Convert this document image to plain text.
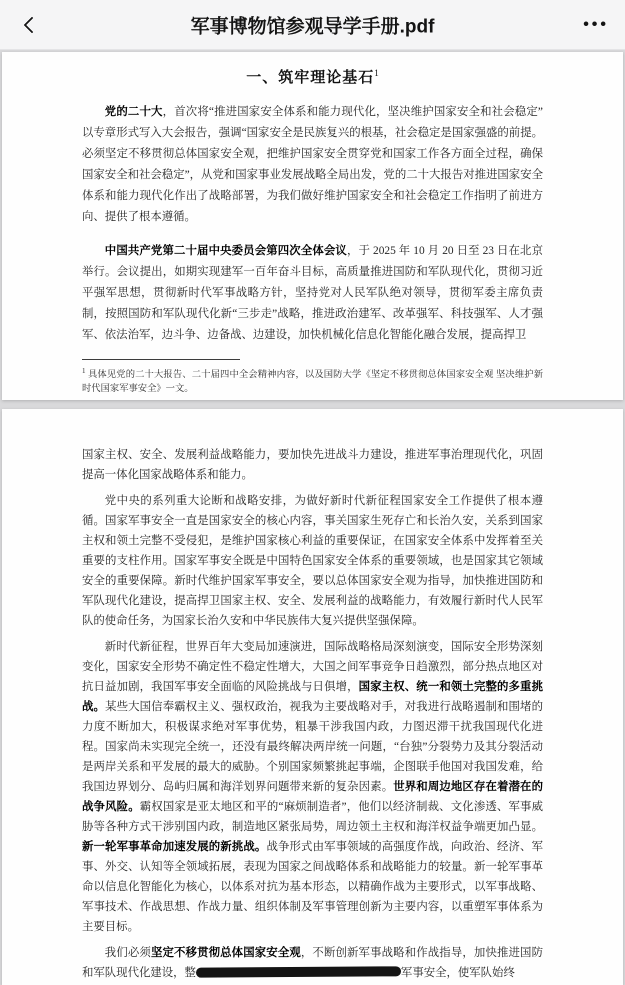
军事博物馆参观导学手册.pdf	•••
一、筑牢理论基石$^1$

党的二十大，首次将“推进国家安全体系和能力现代化，坚决维护国家安全和社会稳定”以专章形式写入大会报告，强调“国家安全是民族复兴的根基，社会稳定是国家强盛的前提。必须坚定不移贯彻总体国家安全观，把维护国家安全贯穿党和国家工作各方面全过程，确保国家安全和社会稳定”，从党和国家事业发展战略全局出发，党的二十大报告对推进国家安全体系和能力现代化作出了战略部署，为我们做好维护国家安全和社会稳定工作指明了前进方向、提供了根本遵循。

中国共产党第二十届中央委员会第四次全体会议，于 2025 年 10 月 20 日至 23 日在北京举行。会议提出，如期实现建军一百年奋斗目标，高质量推进国防和军队现代化，贯彻习近平强军思想，贯彻新时代军事战略方针，坚持党对人民军队绝对领导，贯彻军委主席负责制，按照国防和军队现代化新“三步走”战略，推进政治建军、改革强军、科技强军、人才强军、依法治军，边斗争、边备战、边建设，加快机械化信息化智能化融合发展，提高捍卫

$^1$ 具体见党的二十大报告、二十届四中全会精神内容，以及国防大学《坚定不移贯彻总体国家安全观 坚决维护新时代国家军事安全》一文。

国家主权、安全、发展利益战略能力，要加快先进战斗力建设，推进军事治理现代化，巩固提高一体化国家战略体系和能力。

党中央的系列重大论断和战略安排，为做好新时代新征程国家安全工作提供了根本遵循。国家军事安全一直是国家安全的核心内容，事关国家生死存亡和长治久安，关系到国家主权和领土完整不受侵犯，是维护国家核心利益的重要保证，在国家安全体系中发挥着至关重要的支柱作用。国家军事安全既是中国特色国家安全体系的重要领域，也是国家其它领域安全的重要保障。新时代维护国家军事安全，要以总体国家安全观为指导，加快推进国防和军队现代化建设，提高捍卫国家主权、安全、发展利益的战略能力，有效履行新时代人民军队的使命任务，为国家长治久安和中华民族伟大复兴提供坚强保障。

新时代新征程，世界百年大变局加速演进，国际战略格局深刻演变，国际安全形势深刻变化，国家安全形势不确定性不稳定性增大，大国之间军事竞争日趋激烈，部分热点地区对抗日益加剧，我国军事安全面临的风险挑战与日俱增，国家主权、统一和领土完整的多重挑战。某些大国信奉霸权主义、强权政治，视我为主要战略对手，对我进行战略遏制和围堵的力度不断加大，积极谋求绝对军事优势，粗暴干涉我国内政，力图迟滞干扰我国现代化进程。国家尚未实现完全统一，还没有最终解决两岸统一问题，“台独”分裂势力及其分裂活动是两岸关系和平发展的最大的威胁。个别国家频繁挑起事端，企图联手他国对我国发难，给我国边界划分、岛屿归属和海洋划界问题带来新的复杂因素。世界和周边地区存在着潜在的战争风险。霸权国家是亚太地区和平的“麻烦制造者”，他们以经济制裁、文化渗透、军事威胁等各种方式干涉别国内政，制造地区紧张局势，周边领土主权和海洋权益争端更加凸显。新一轮军事革命加速发展的新挑战。战争形式由军事领域的高强度作战，向政治、经济、军事、外交、认知等全领域拓展，表现为国家之间战略体系和战略能力的较量。新一轮军事革命以信息化智能化为核心，以体系对抗为基本形态，以精确作战为主要形式，以军事战略、军事技术、作战思想、作战力量、组织体制及军事管理创新为主要内容，以重塑军事体系为主要目标。

我们必须坚定不移贯彻总体国家安全观，不断创新军事战略和作战指导，加快推进国防和军队现代化建设，整	军事安全，使军队始终
